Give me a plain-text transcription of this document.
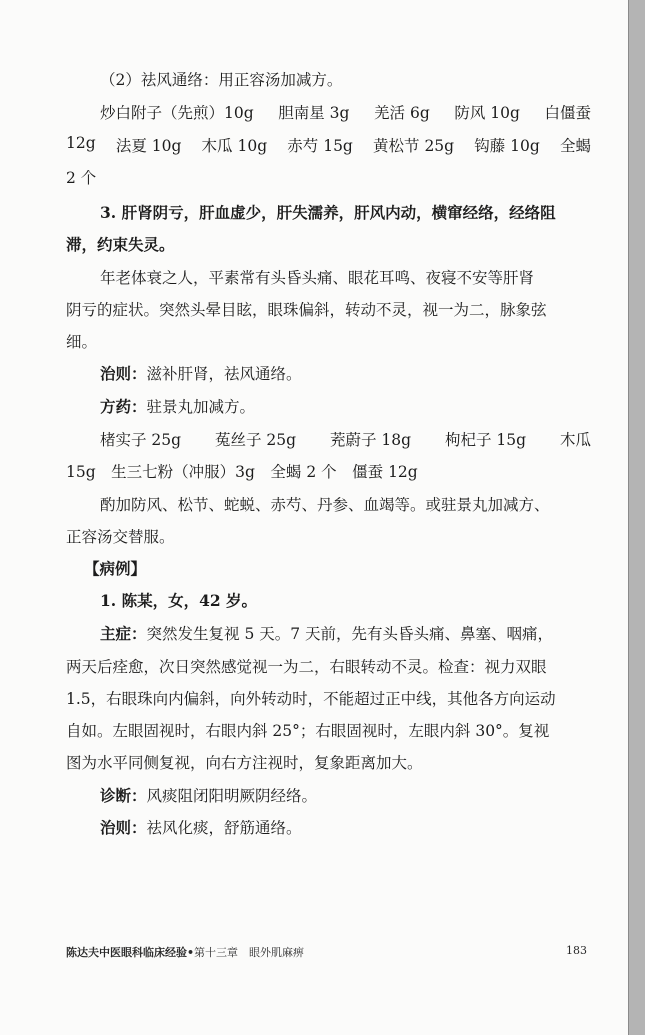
（2）祛风通络：用正容汤加减方。

炒白附子（先煎）10g 胆南星 3g 羌活 6g 防风 10g 白僵蚕
12g 法夏 10g 木瓜 10g 赤芍 15g 黄松节 25g 钩藤 10g 全蝎

2 个

3. 肝肾阴亏，肝血虚少，肝失濡养，肝风内动，横窜经络，经络阻

滞，约束失灵。

年老体衰之人，平素常有头昏头痛、眼花耳鸣、夜寝不安等肝肾

阴亏的症状。突然头晕目眩，眼珠偏斜，转动不灵，视一为二，脉象弦

细。

治则：滋补肝肾，祛风通络。

方药：驻景丸加减方。

楮实子 25g 菟丝子 25g 茺蔚子 18g 枸杞子 15g 木瓜

15g　生三七粉（冲服）3g　全蝎 2 个　僵蚕 12g

酌加防风、松节、蛇蜕、赤芍、丹参、血竭等。或驻景丸加减方、

正容汤交替服。

【病例】

1. 陈某，女，42 岁。

主症：突然发生复视 5 天。7 天前，先有头昏头痛、鼻塞、咽痛，

两天后痊愈，次日突然感觉视一为二，右眼转动不灵。检查：视力双眼

1.5，右眼珠向内偏斜，向外转动时，不能超过正中线，其他各方向运动

自如。左眼固视时，右眼内斜 25°；右眼固视时，左眼内斜 30°。复视

图为水平同侧复视，向右方注视时，复象距离加大。

诊断：风痰阻闭阳明厥阴经络。

治则：祛风化痰，舒筋通络。

陈达夫中医眼科临床经验•第十三章　眼外肌麻痹	183
